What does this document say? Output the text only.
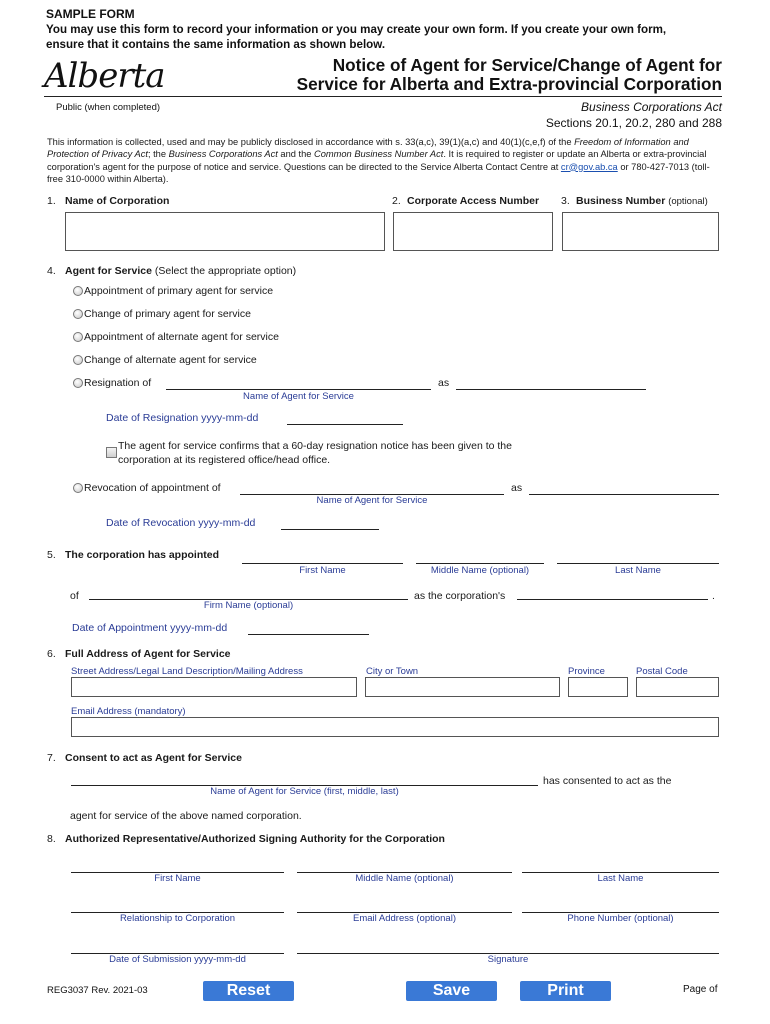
SAMPLE FORM
You may use this form to record your information or you may create your own form. If you create your own form,
ensure that it contains the same information as shown below.
Alberta	Notice of Agent for Service/Change of Agent for
Service for Alberta and Extra-provincial Corporation
Public (when completed)	Business Corporations Act
Sections 20.1, 20.2, 280 and 288
This information is collected, used and may be publicly disclosed in accordance with s. 33(a,c), 39(1)(a,c) and 40(1)(c,e,f) of the Freedom of Information and Protection of Privacy Act; the Business Corporations Act and the Common Business Number Act. It is required to register or update an Alberta or extra-provincial corporation's agent for the purpose of notice and service. Questions can be directed to the Service Alberta Contact Centre at cr@gov.ab.ca or 780-427-7013 (toll-free 310-0000 within Alberta).
1. Name of Corporation	2. Corporate Access Number 3. Business Number (optional)
4. Agent for Service (Select the appropriate option)
Appointment of primary agent for service
Change of primary agent for service
Appointment of alternate agent for service
Change of alternate agent for service
Resignation of	as
Name of Agent for Service
Date of Resignation yyyy-mm-dd
The agent for service confirms that a 60-day resignation notice has been given to the
corporation at its registered office/head office.
Revocation of appointment of	as
Name of Agent for Service
Date of Revocation yyyy-mm-dd
5. The corporation has appointed
First Name	Middle Name (optional)	Last Name
of	as the corporation's	.
Firm Name (optional)
Date of Appointment yyyy-mm-dd
6. Full Address of Agent for Service
Street Address/Legal Land Description/Mailing Address	City or Town	Province	Postal Code
Email Address (mandatory)
7. Consent to act as Agent for Service
has consented to act as the
Name of Agent for Service (first, middle, last)
agent for service of the above named corporation.
8. Authorized Representative/Authorized Signing Authority for the Corporation
First Name	Middle Name (optional)	Last Name
Relationship to Corporation	Email Address (optional)	Phone Number (optional)
Date of Submission yyyy-mm-dd	Signature
REG3037 Rev. 2021-03	Reset	Save	Print	Page of
